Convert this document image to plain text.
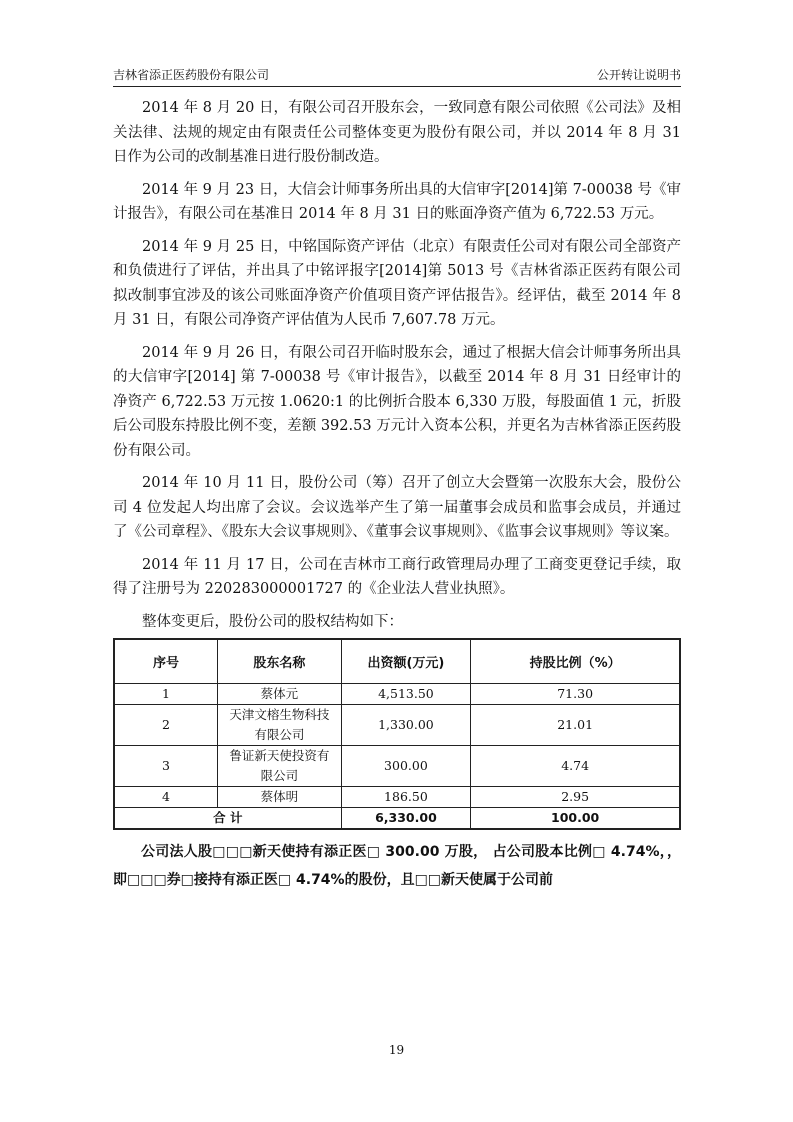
吉林省添正医药股份有限公司	公开转让说明书

2014 年 8 月 20 日，有限公司召开股东会，一致同意有限公司依照《公司法》及相关法律、法规的规定由有限责任公司整体变更为股份有限公司，并以 2014 年 8 月 31 日作为公司的改制基准日进行股份制改造。

2014 年 9 月 23 日，大信会计师事务所出具的大信审字[2014]第 7-00038 号《审计报告》，有限公司在基准日 2014 年 8 月 31 日的账面净资产值为 6,722.53 万元。

2014 年 9 月 25 日，中铭国际资产评估（北京）有限责任公司对有限公司全部资产和负债进行了评估，并出具了中铭评报字[2014]第 5013 号《吉林省添正医药有限公司拟改制事宜涉及的该公司账面净资产价值项目资产评估报告》。经评估，截至 2014 年 8 月 31 日，有限公司净资产评估值为人民币 7,607.78 万元。

2014 年 9 月 26 日，有限公司召开临时股东会，通过了根据大信会计师事务所出具的大信审字[2014] 第 7-00038 号《审计报告》，以截至 2014 年 8 月 31 日经审计的净资产 6,722.53 万元按 1.0620:1 的比例折合股本 6,330 万股，每股面值 1 元，折股后公司股东持股比例不变，差额 392.53 万元计入资本公积，并更名为吉林省添正医药股份有限公司。

2014 年 10 月 11 日，股份公司（筹）召开了创立大会暨第一次股东大会，股份公司 4 位发起人均出席了会议。会议选举产生了第一届董事会成员和监事会成员，并通过了《公司章程》、《股东大会议事规则》、《董事会议事规则》、《监事会议事规则》等议案。

2014 年 11 月 17 日，公司在吉林市工商行政管理局办理了工商变更登记手续，取得了注册号为 220283000001727 的《企业法人营业执照》。

整体变更后，股份公司的股权结构如下：

序号	股东名称	出资额(万元)	持股比例（%）
1	蔡体元	4,513.50	71.30
2	天津文榕生物科技有限公司	1,330.00	21.01
3	鲁证新天使投资有限公司	300.00	4.74
4	蔡体明	186.50	2.95
合 计		6,330.00	100.00

公司法人股□□□新天使持有添正医□ 300.00 万股， 占公司股本比例□ 4.74%，，即□□□券□接持有添正医□ 4.74%的股份，且□□新天使属于公司前

19
